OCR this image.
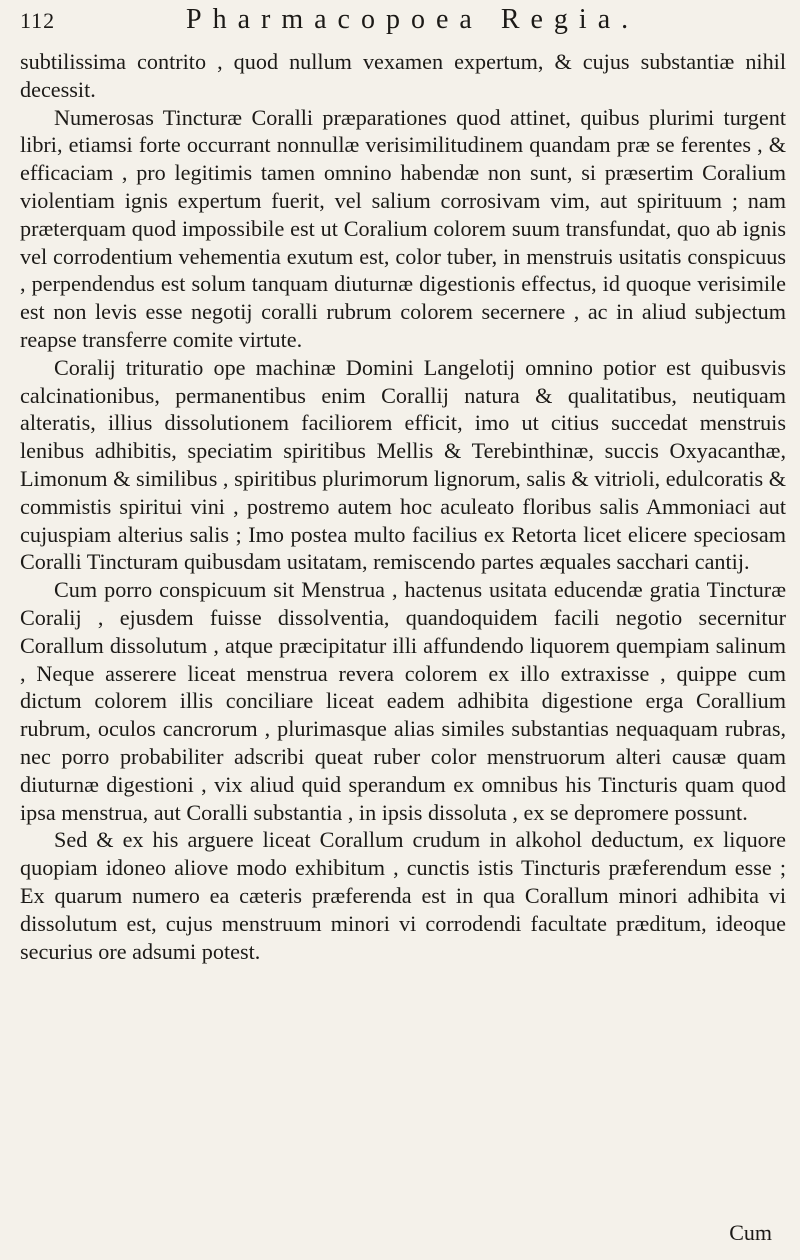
112	Pharmacopoea Regia.

subtilissima contrito , quod nullum vexamen expertum, & cujus substantiæ nihil decessit.

Numerosas Tincturæ Coralli præparationes quod attinet, quibus plurimi turgent libri, etiamsi forte occurrant nonnullæ verisimilitudinem quandam præ se ferentes , & efficaciam , pro legitimis tamen omnino habendæ non sunt, si præsertim Coralium violentiam ignis expertum fuerit, vel salium corrosivam vim, aut spirituum ; nam præterquam quod impossibile est ut Coralium colorem suum transfundat, quo ab ignis vel corrodentium vehementia exutum est, color tuber, in menstruis usitatis conspicuus , perpendendus est solum tanquam diuturnæ digestionis effectus, id quoque verisimile est non levis esse negotij coralli rubrum colorem secernere , ac in aliud subjectum reapse transferre comite virtute.

Coralij trituratio ope machinæ Domini Langelotij omnino potior est quibusvis calcinationibus, permanentibus enim Corallij natura & qualitatibus, neutiquam alteratis, illius dissolutionem faciliorem efficit, imo ut citius succedat menstruis lenibus adhibitis, speciatim spiritibus Mellis & Terebinthinæ, succis Oxyacanthæ, Limonum & similibus , spiritibus plurimorum lignorum, salis & vitrioli, edulcoratis & commistis spiritui vini , postremo autem hoc aculeato floribus salis Ammoniaci aut cujuspiam alterius salis ; Imo postea multo facilius ex Retorta licet elicere speciosam Coralli Tincturam quibusdam usitatam, remiscendo partes æquales sacchari cantij.

Cum porro conspicuum sit Menstrua , hactenus usitata educendæ gratia Tincturæ Coralij , ejusdem fuisse dissolventia, quandoquidem facili negotio secernitur Corallum dissolutum , atque præcipitatur illi affundendo liquorem quempiam salinum , Neque asserere liceat menstrua revera colorem ex illo extraxisse , quippe cum dictum colorem illis conciliare liceat eadem adhibita digestione erga Corallium rubrum, oculos cancrorum , plurimasque alias similes substantias nequaquam rubras, nec porro probabiliter adscribi queat ruber color menstruorum alteri causæ quam diuturnæ digestioni , vix aliud quid sperandum ex omnibus his Tincturis quam quod ipsa menstrua, aut Coralli substantia , in ipsis dissoluta , ex se depromere possunt.

Sed & ex his arguere liceat Corallum crudum in alkohol deductum, ex liquore quopiam idoneo aliove modo exhibitum , cunctis istis Tincturis præferendum esse ; Ex quarum numero ea cæteris præferenda est in qua Corallum minori adhibita vi dissolutum est, cujus menstruum minori vi corrodendi facultate præditum, ideoque securius ore adsumi potest.

Cum
